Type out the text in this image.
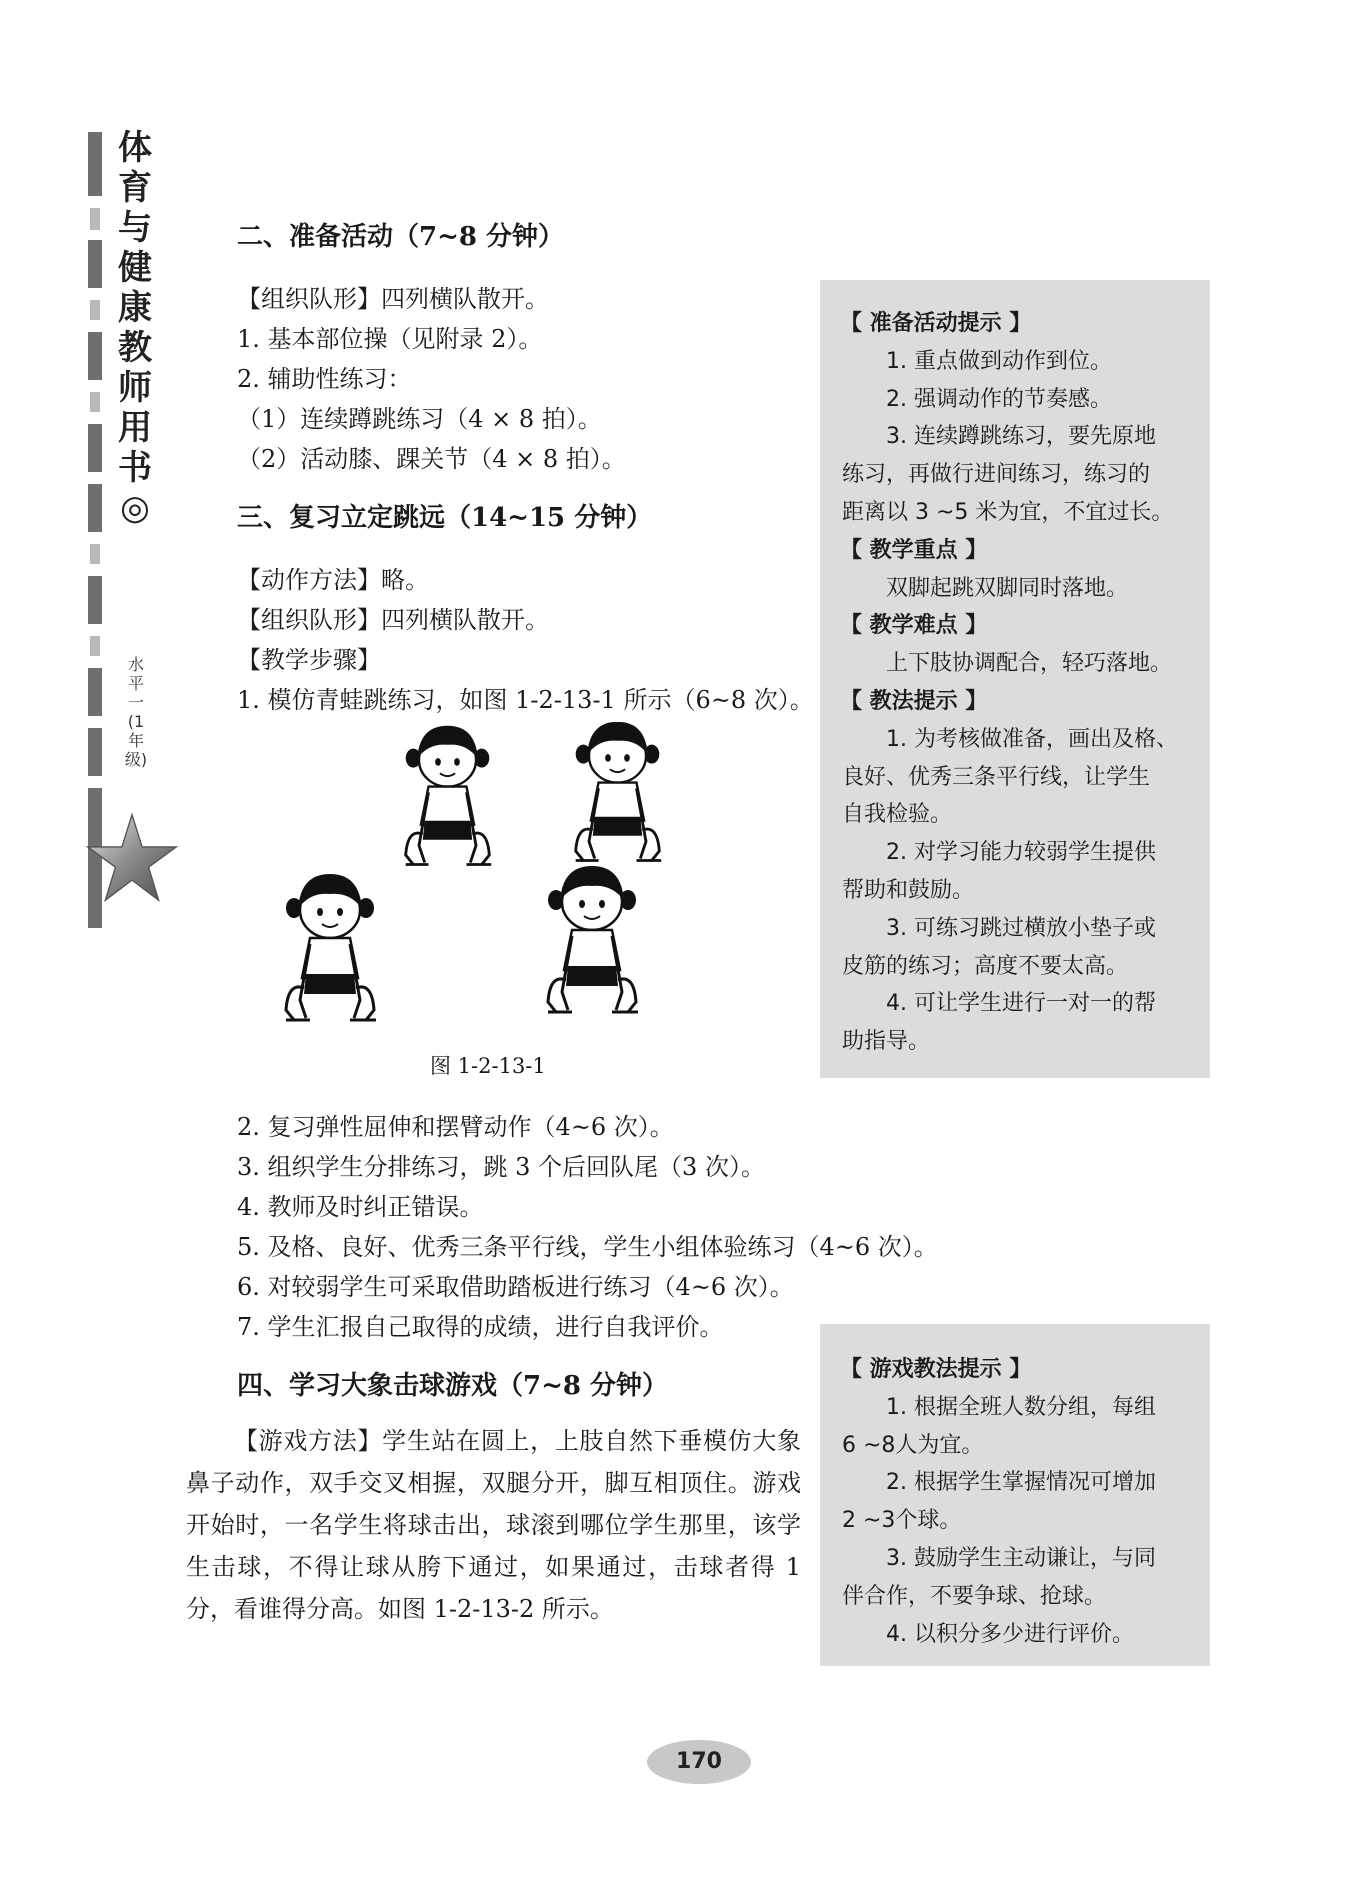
体育与健康教师用书◎
水平一(1年级)
二、准备活动（7~8 分钟）
【组织队形】四列横队散开。
1. 基本部位操（见附录 2）。
2. 辅助性练习：
（1）连续蹲跳练习（4 × 8 拍）。
（2）活动膝、踝关节（4 × 8 拍）。
三、复习立定跳远（14~15 分钟）
【动作方法】略。
【组织队形】四列横队散开。
【教学步骤】
1. 模仿青蛙跳练习，如图 1-2-13-1 所示（6~8 次）。
图 1-2-13-1
2. 复习弹性屈伸和摆臂动作（4~6 次）。
3. 组织学生分排练习，跳 3 个后回队尾（3 次）。
4. 教师及时纠正错误。
5. 及格、良好、优秀三条平行线，学生小组体验练习（4~6 次）。
6. 对较弱学生可采取借助踏板进行练习（4~6 次）。
7. 学生汇报自己取得的成绩，进行自我评价。
四、学习大象击球游戏（7~8 分钟）
【游戏方法】学生站在圆上，上肢自然下垂模仿大象鼻子动作，双手交叉相握，双腿分开，脚互相顶住。游戏开始时，一名学生将球击出，球滚到哪位学生那里，该学生击球，不得让球从胯下通过，如果通过，击球者得 1 分，看谁得分高。如图 1-2-13-2 所示。
【 准备活动提示 】
1. 重点做到动作到位。
2. 强调动作的节奏感。
3. 连续蹲跳练习，要先原地
练习，再做行进间练习，练习的
距离以 3 ~5 米为宜，不宜过长。
【 教学重点 】
双脚起跳双脚同时落地。
【 教学难点 】
上下肢协调配合，轻巧落地。
【 教法提示 】
1. 为考核做准备，画出及格、
良好、优秀三条平行线，让学生
自我检验。
2. 对学习能力较弱学生提供
帮助和鼓励。
3. 可练习跳过横放小垫子或
皮筋的练习；高度不要太高。
4. 可让学生进行一对一的帮
助指导。
【 游戏教法提示 】
1. 根据全班人数分组，每组
6 ~8人为宜。
2. 根据学生掌握情况可增加
2 ~3个球。
3. 鼓励学生主动谦让，与同
伴合作，不要争球、抢球。
4. 以积分多少进行评价。
170
